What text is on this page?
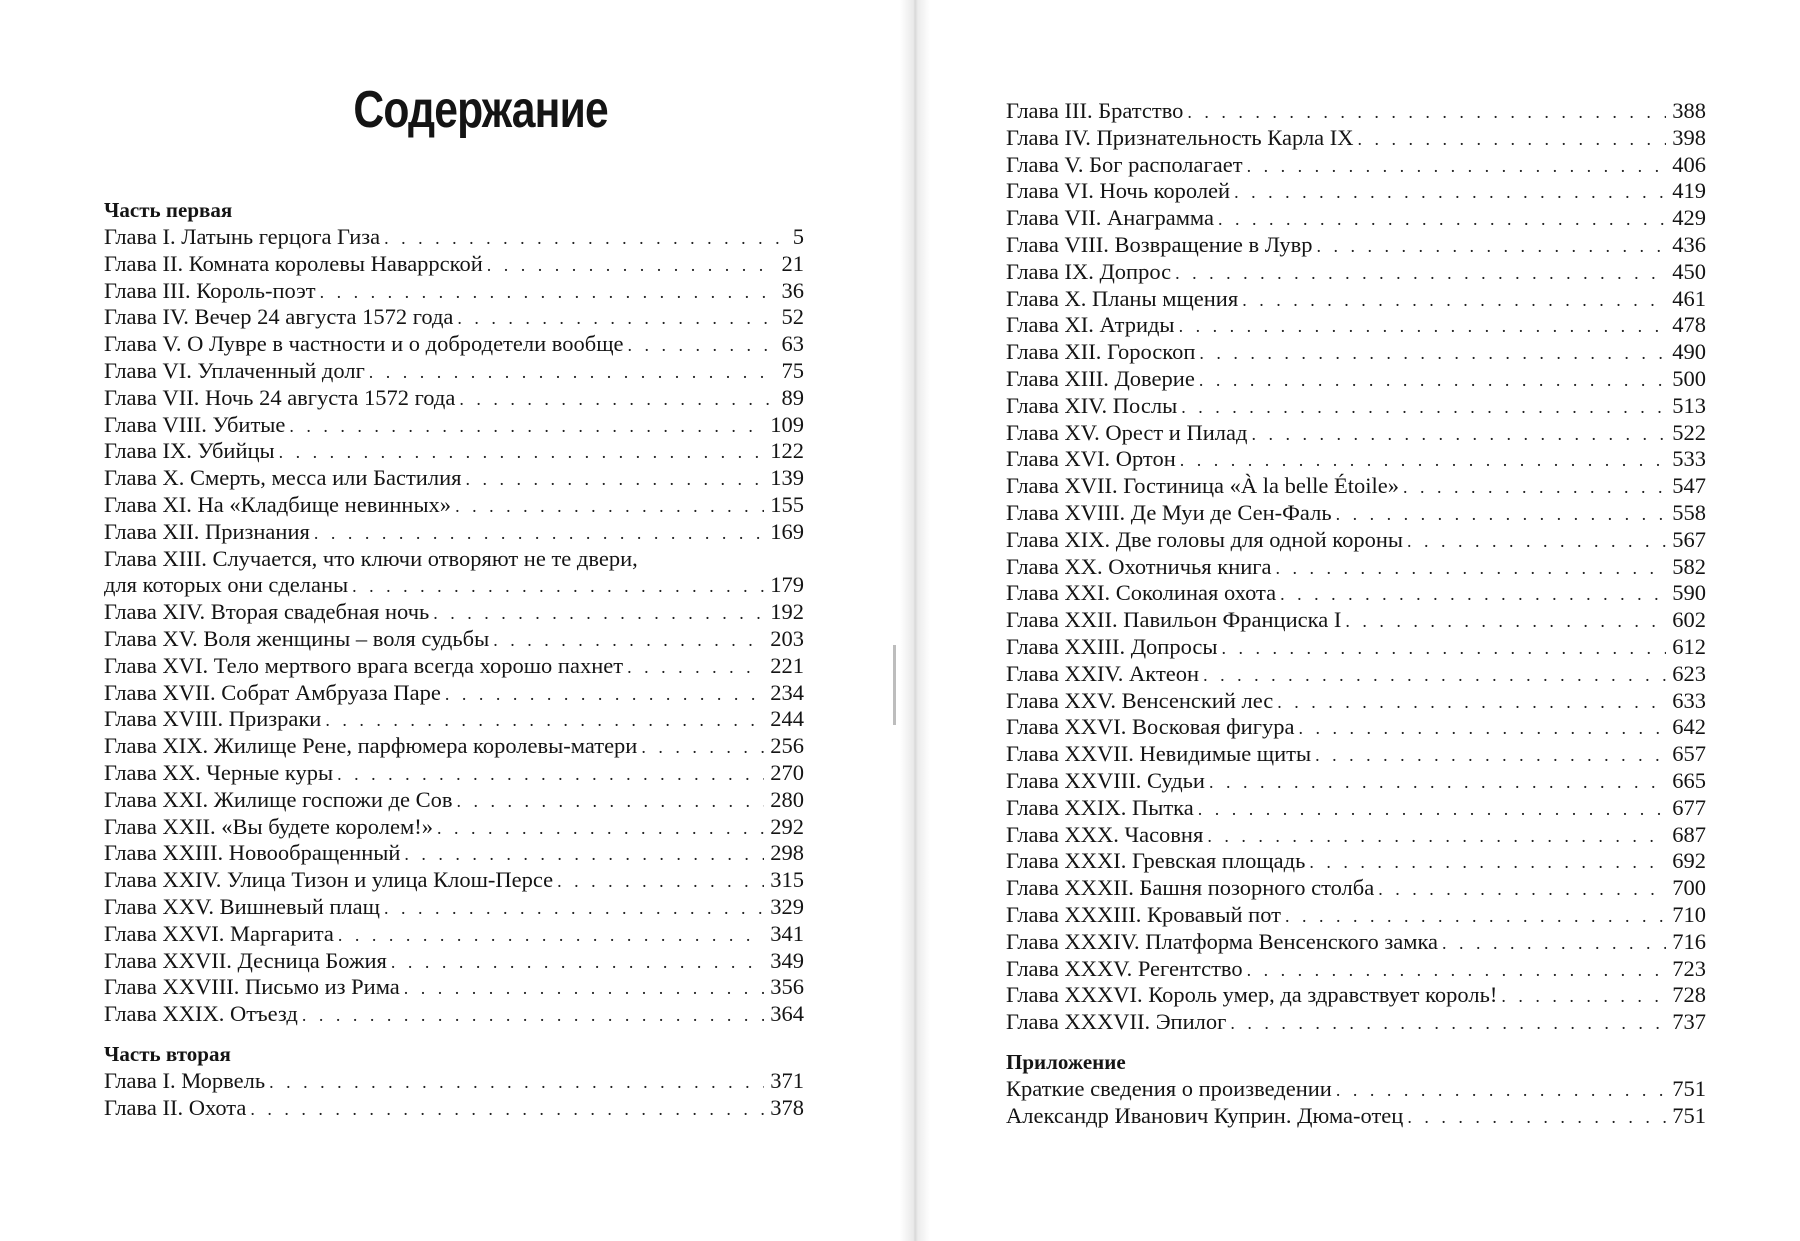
Содержание
Часть первая
Глава I. Латынь герцога Гиза . . .	5
Глава II. Комната королевы Наваррской . . .	21
Глава III. Король-поэт . . .	36
Глава IV. Вечер 24 августа 1572 года . . .	52
Глава V. О Лувре в частности и о добродетели вообще . . .	63
Глава VI. Уплаченный долг . . .	75
Глава VII. Ночь 24 августа 1572 года . . .	89
Глава VIII. Убитые . . .	109
Глава IX. Убийцы . . .	122
Глава X. Смерть, месса или Бастилия . . .	139
Глава XI. На «Кладбище невинных» . . .	155
Глава XII. Признания . . .	169
Глава XIII. Случается, что ключи отворяют не те двери,
для которых они сделаны . . .	179
Глава XIV. Вторая свадебная ночь . . .	192
Глава XV. Воля женщины – воля судьбы . . .	203
Глава XVI. Тело мертвого врага всегда хорошо пахнет . . .	221
Глава XVII. Собрат Амбруаза Паре . . .	234
Глава XVIII. Призраки . . .	244
Глава XIX. Жилище Рене, парфюмера королевы-матери . . .	256
Глава XX. Черные куры . . .	270
Глава XXI. Жилище госпожи де Сов . . .	280
Глава XXII. «Вы будете королем!» . . .	292
Глава XXIII. Новообращенный . . .	298
Глава XXIV. Улица Тизон и улица Клош-Персе . . .	315
Глава XXV. Вишневый плащ . . .	329
Глава XXVI. Маргарита . . .	341
Глава XXVII. Десница Божия . . .	349
Глава XXVIII. Письмо из Рима . . .	356
Глава XXIX. Отъезд . . .	364
Часть вторая
Глава I. Морвель . . .	371
Глава II. Охота . . .	378
Глава III. Братство . . .	388
Глава IV. Признательность Карла IX . . .	398
Глава V. Бог располагает . . .	406
Глава VI. Ночь королей . . .	419
Глава VII. Анаграмма . . .	429
Глава VIII. Возвращение в Лувр . . .	436
Глава IX. Допрос . . .	450
Глава X. Планы мщения . . .	461
Глава XI. Атриды . . .	478
Глава XII. Гороскоп . . .	490
Глава XIII. Доверие . . .	500
Глава XIV. Послы . . .	513
Глава XV. Орест и Пилад . . .	522
Глава XVI. Ортон . . .	533
Глава XVII. Гостиница «À la belle Étoile» . . .	547
Глава XVIII. Де Муи де Сен-Фаль . . .	558
Глава XIX. Две головы для одной короны . . .	567
Глава XX. Охотничья книга . . .	582
Глава XXI. Соколиная охота . . .	590
Глава XXII. Павильон Франциска I . . .	602
Глава XXIII. Допросы . . .	612
Глава XXIV. Актеон . . .	623
Глава XXV. Венсенский лес . . .	633
Глава XXVI. Восковая фигура . . .	642
Глава XXVII. Невидимые щиты . . .	657
Глава XXVIII. Судьи . . .	665
Глава XXIX. Пытка . . .	677
Глава XXX. Часовня . . .	687
Глава XXXI. Гревская площадь . . .	692
Глава XXXII. Башня позорного столба . . .	700
Глава XXXIII. Кровавый пот . . .	710
Глава XXXIV. Платформа Венсенского замка . . .	716
Глава XXXV. Регентство . . .	723
Глава XXXVI. Король умер, да здравствует король! . . .	728
Глава XXXVII. Эпилог . . .	737
Приложение
Краткие сведения о произведении . . .	751
Александр Иванович Куприн. Дюма-отец . . .	751
